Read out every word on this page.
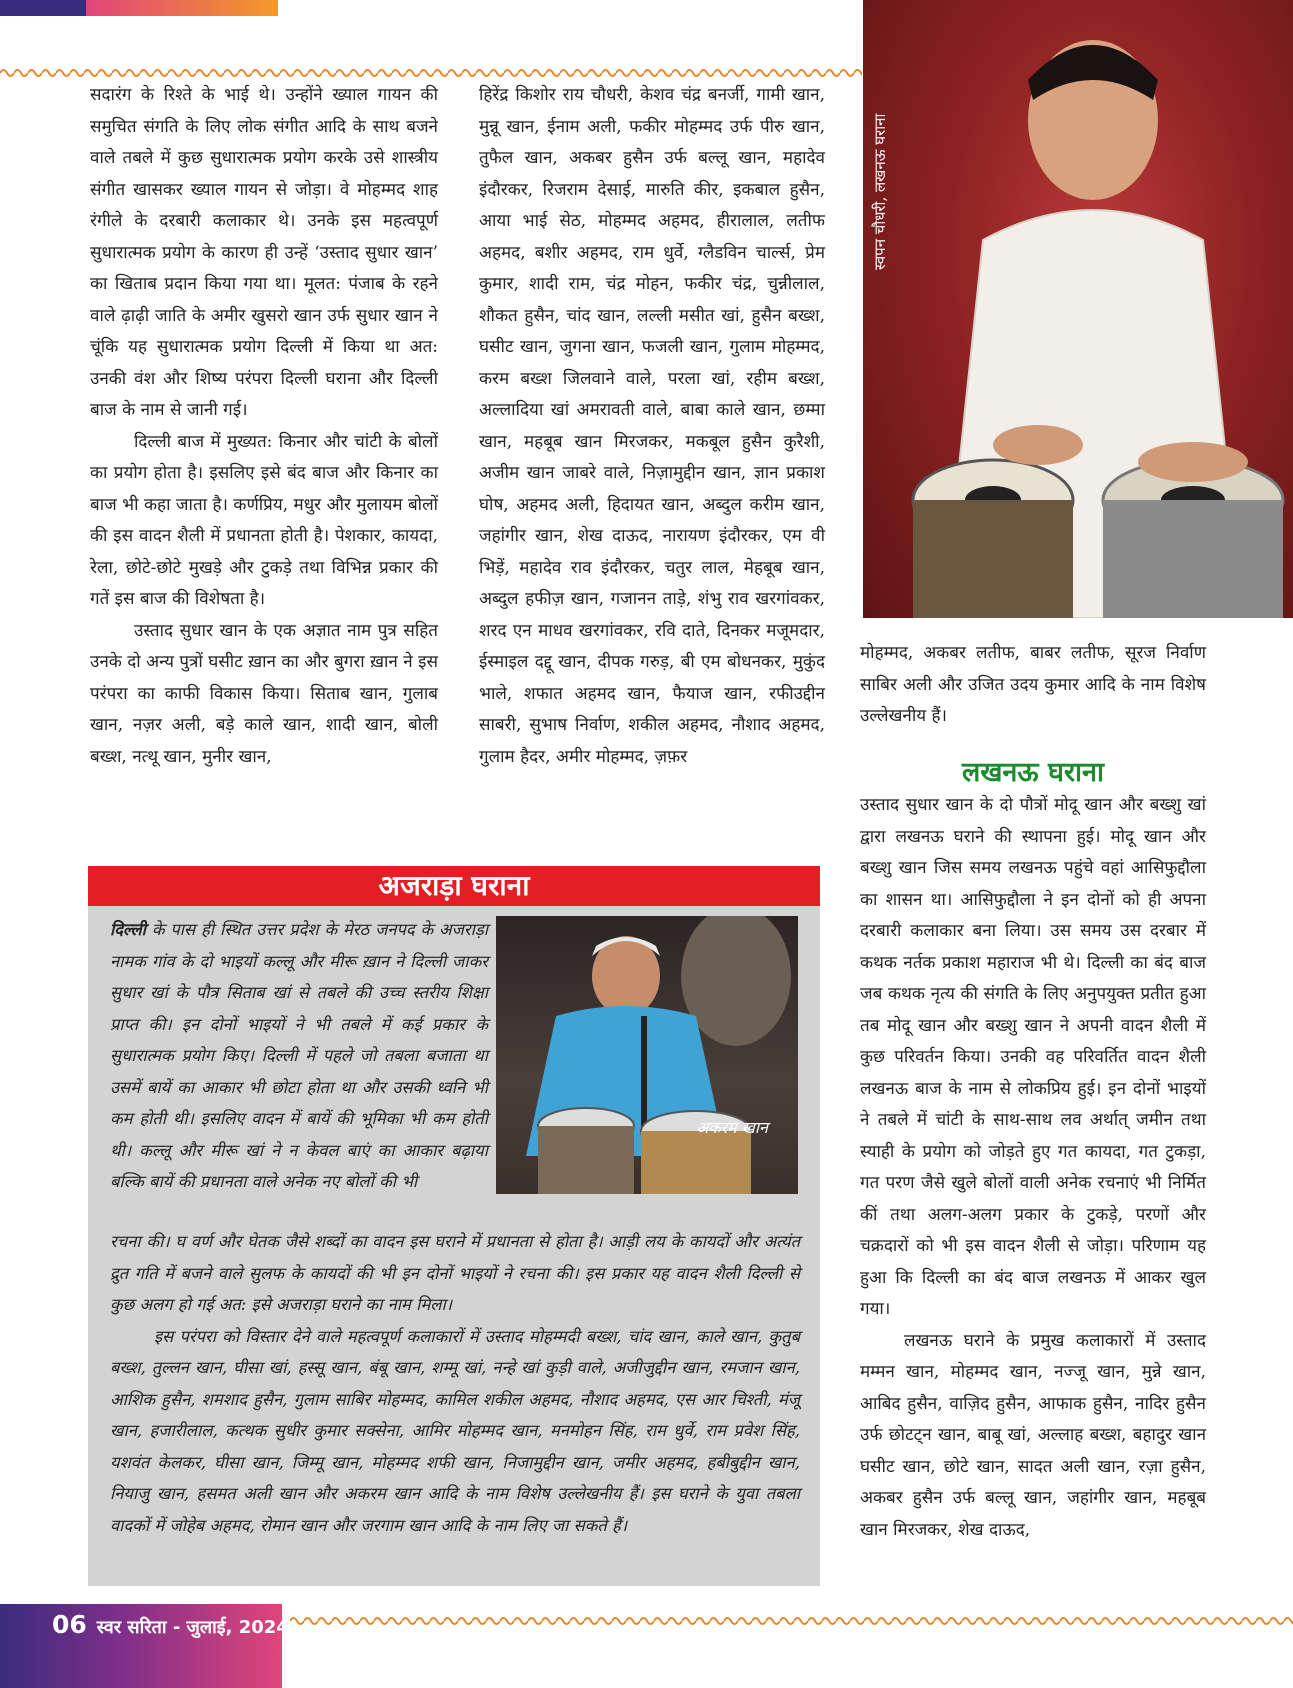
सदारंग के रिश्ते के भाई थे। उन्होंने ख्याल गायन की समुचित संगति के लिए लोक संगीत आदि के साथ बजने वाले तबले में कुछ सुधारात्मक प्रयोग करके उसे शास्त्रीय संगीत खासकर ख्याल गायन से जोड़ा। वे मोहम्मद शाह रंगीले के दरबारी कलाकार थे। उनके इस महत्वपूर्ण सुधारात्मक प्रयोग के कारण ही उन्हें ‘उस्ताद सुधार खान’ का खिताब प्रदान किया गया था। मूलत: पंजाब के रहने वाले ढ़ाढ़ी जाति के अमीर खुसरो खान उर्फ सुधार खान ने चूंकि यह सुधारात्मक प्रयोग दिल्ली में किया था अत: उनकी वंश और शिष्य परंपरा दिल्ली घराना और दिल्ली बाज के नाम से जानी गई।

दिल्ली बाज में मुख्यत: किनार और चांटी के बोलों का प्रयोग होता है। इसलिए इसे बंद बाज और किनार का बाज भी कहा जाता है। कर्णप्रिय, मधुर और मुलायम बोलों की इस वादन शैली में प्रधानता होती है। पेशकार, कायदा, रेला, छोटे-छोटे मुखड़े और टुकड़े तथा विभिन्न प्रकार की गतें इस बाज की विशेषता है।

उस्ताद सुधार खान के एक अज्ञात नाम पुत्र सहित उनके दो अन्य पुत्रों घसीट ख़ान का और बुगरा ख़ान ने इस परंपरा का काफी विकास किया। सिताब खान, गुलाब खान, नज़र अली, बड़े काले खान, शादी खान, बोली बख्श, नत्थू खान, मुनीर खान,

हिरेंद्र किशोर राय चौधरी, केशव चंद्र बनर्जी, गामी खान, मुन्नू खान, ईनाम अली, फकीर मोहम्मद उर्फ पीरु खान, तुफैल खान, अकबर हुसैन उर्फ बल्लू खान, महादेव इंदौरकर, रिजराम देसाई, मारुति कीर, इकबाल हुसैन, आया भाई सेठ, मोहम्मद अहमद, हीरालाल, लतीफ अहमद, बशीर अहमद, राम धुर्वे, ग्लैडविन चार्ल्स, प्रेम कुमार, शादी राम, चंद्र मोहन, फकीर चंद्र, चुन्नीलाल, शौकत हुसैन, चांद खान, लल्ली मसीत खां, हुसैन बख्श, घसीट खान, जुगना खान, फजली खान, गुलाम मोहम्मद, करम बख्श जिलवाने वाले, परला खां, रहीम बख्श, अल्लादिया खां अमरावती वाले, बाबा काले खान, छम्मा खान, महबूब खान मिरजकर, मकबूल हुसैन कुरैशी, अजीम खान जाबरे वाले, निज़ामुद्दीन खान, ज्ञान प्रकाश घोष, अहमद अली, हिदायत खान, अब्दुल करीम खान, जहांगीर खान, शेख दाऊद, नारायण इंदौरकर, एम वी भिड़ें, महादेव राव इंदौरकर, चतुर लाल, मेहबूब खान, अब्दुल हफीज़ खान, गजानन ताड़े, शंभु राव खरगांवकर, शरद एन माधव खरगांवकर, रवि दाते, दिनकर मजूमदार, ईस्माइल दद्दू खान, दीपक गरुड़, बी एम बोधनकर, मुकुंद भाले, शफात अहमद खान, फैयाज खान, रफीउद्दीन साबरी, सुभाष निर्वाण, शकील अहमद, नौशाद अहमद, गुलाम हैदर, अमीर मोहम्मद, ज़फ़र

स्वपन चौधरी, लखनऊ घराना

मोहम्मद, अकबर लतीफ, बाबर लतीफ, सूरज निर्वाण साबिर अली और उजित उदय कुमार आदि के नाम विशेष उल्लेखनीय हैं।

लखनऊ घराना

उस्ताद सुधार खान के दो पौत्रों मोदू खान और बख्शु खां द्वारा लखनऊ घराने की स्थापना हुई। मोदू खान और बख्शु खान जिस समय लखनऊ पहुंचे वहां आसिफुद्दौला का शासन था। आसिफुद्दौला ने इन दोनों को ही अपना दरबारी कलाकार बना लिया। उस समय उस दरबार में कथक नर्तक प्रकाश महाराज भी थे। दिल्ली का बंद बाज जब कथक नृत्य की संगति के लिए अनुपयुक्त प्रतीत हुआ तब मोदू खान और बख्शु खान ने अपनी वादन शैली में कुछ परिवर्तन किया। उनकी वह परिवर्तित वादन शैली लखनऊ बाज के नाम से लोकप्रिय हुई। इन दोनों भाइयों ने तबले में चांटी के साथ-साथ लव अर्थात् जमीन तथा स्याही के प्रयोग को जोड़ते हुए गत कायदा, गत टुकड़ा, गत परण जैसे खुले बोलों वाली अनेक रचनाएं भी निर्मित कीं तथा अलग-अलग प्रकार के टुकड़े, परणों और चक्रदारों को भी इस वादन शैली से जोड़ा। परिणाम यह हुआ कि दिल्ली का बंद बाज लखनऊ में आकर खुल गया।

लखनऊ घराने के प्रमुख कलाकारों में उस्ताद मम्मन खान, मोहम्मद खान, नज्जू खान, मुन्ने खान, आबिद हुसैन, वाज़िद हुसैन, आफाक हुसैन, नादिर हुसैन उर्फ छोटट्न खान, बाबू खां, अल्लाह बख्श, बहादुर खान घसीट खान, छोटे खान, सादत अली खान, रज़ा हुसैन, अकबर हुसैन उर्फ बल्लू खान, जहांगीर खान, महबूब खान मिरजकर, शेख दाऊद,

अजराड़ा घराना
दिल्ली के पास ही स्थित उत्तर प्रदेश के मेरठ जनपद के अजराड़ा नामक गांव के दो भाइयों कल्लू और मीरू ख़ान ने दिल्ली जाकर सुधार खां के पौत्र सिताब खां से तबले की उच्च स्तरीय शिक्षा प्राप्त की। इन दोनों भाइयों ने भी तबले में कई प्रकार के सुधारात्मक प्रयोग किए। दिल्ली में पहले जो तबला बजाता था उसमें बायें का आकार भी छोटा होता था और उसकी ध्वनि भी कम होती थी। इसलिए वादन में बायें की भूमिका भी कम होती थी। कल्लू और मीरू खां ने न केवल बाएं का आकार बढ़ाया बल्कि बायें की प्रधानता वाले अनेक नए बोलों की भी
अकरम खान

रचना की। घ वर्ण और घेतक जैसे शब्दों का वादन इस घराने में प्रधानता से होता है। आड़ी लय के कायदों और अत्यंत द्रुत गति में बजने वाले सुलफ के कायदों की भी इन दोनों भाइयों ने रचना की। इस प्रकार यह वादन शैली दिल्ली से कुछ अलग हो गई अत: इसे अजराड़ा घराने का नाम मिला।

इस परंपरा को विस्तार देने वाले महत्वपूर्ण कलाकारों में उस्ताद मोहम्मदी बख्श, चांद खान, काले खान, कुतुब बख्श, तुल्लन खान, घीसा खां, हस्सू खान, बंबू खान, शम्मू खां, नन्हे खां कुड़ी वाले, अजीजुद्दीन खान, रमजान खान, आशिक हुसैन, शमशाद हुसैन, गुलाम साबिर मोहम्मद, कामिल शकील अहमद, नौशाद अहमद, एस आर चिश्ती, मंजू खान, हजारीलाल, कत्थक सुधीर कुमार सक्सेना, आमिर मोहम्मद खान, मनमोहन सिंह, राम धुर्वे, राम प्रवेश सिंह, यशवंत केलकर, घीसा खान, जिम्मू खान, मोहम्मद शफी खान, निजामुद्दीन खान, जमीर अहमद, हबीबुद्दीन खान, नियाजु खान, हसमत अली खान और अकरम खान आदि के नाम विशेष उल्लेखनीय हैं। इस घराने के युवा तबला वादकों में जोहेब अहमद, रोमान खान और जरगाम खान आदि के नाम लिए जा सकते हैं।

06 स्वर सरिता - जुलाई, 2024
